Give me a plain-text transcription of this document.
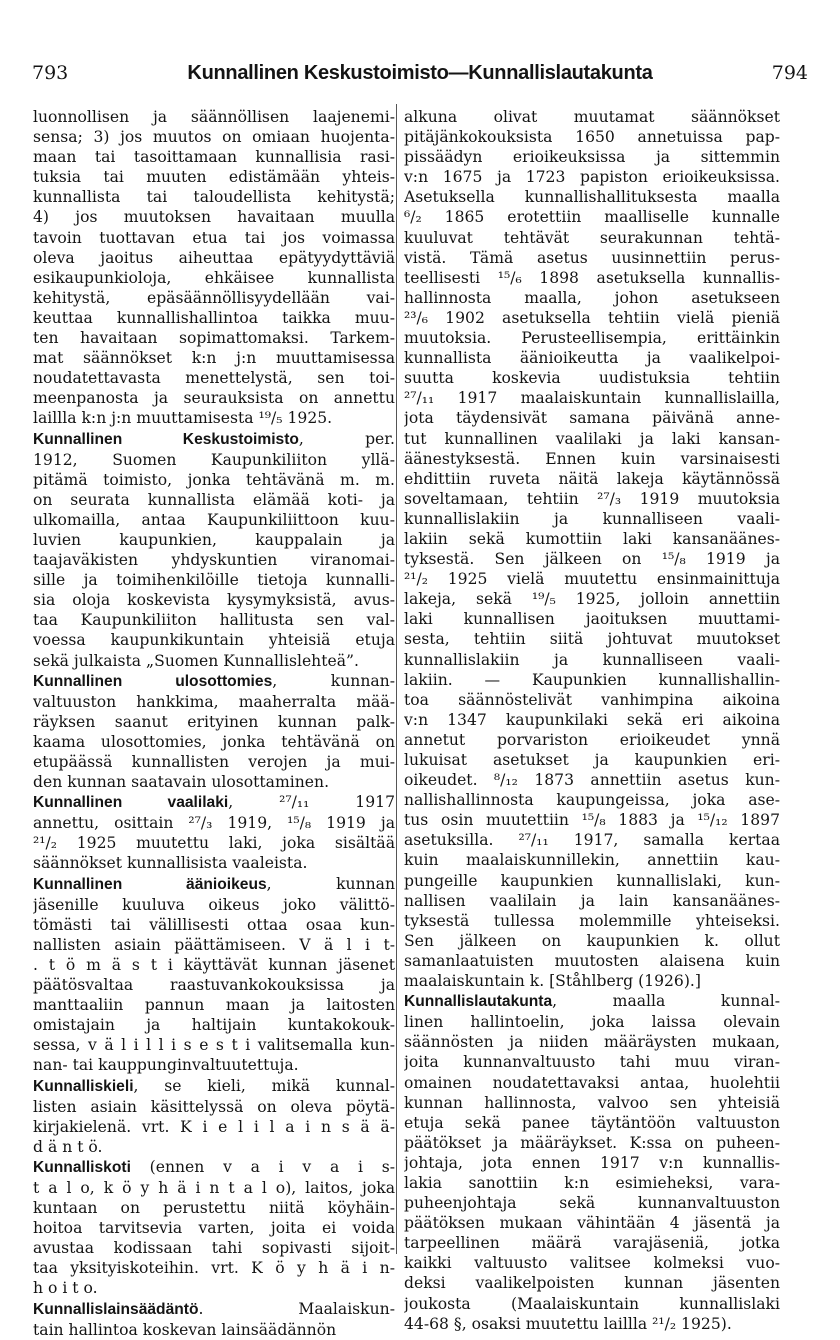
793	Kunnallinen Keskustoimisto—Kunnallislautakunta	794
luonnollisen ja säännöllisen laajenemi-
sensa; 3) jos muutos on omiaan huojenta-
maan tai tasoittamaan kunnallisia rasi-
tuksia tai muuten edistämään yhteis-
kunnallista tai taloudellista kehitystä;
4) jos muutoksen havaitaan muulla
tavoin tuottavan etua tai jos voimassa
oleva jaoitus aiheuttaa epätyydyttäviä
esikaupunkioloja, ehkäisee kunnallista
kehitystä, epäsäännöllisyydellään vai-
keuttaa kunnallishallintoa taikka muu-
ten havaitaan sopimattomaksi. Tarkem-
mat säännökset k:n j:n muuttamisessa
noudatettavasta menettelystä, sen toi-
meenpanosta ja seurauksista on annettu
laillla k:n j:n muuttamisesta ¹⁹/₅ 1925.
Kunnallinen Keskustoimisto, per.
1912, Suomen Kaupunkiliiton yllä-
pitämä toimisto, jonka tehtävänä m. m.
on seurata kunnallista elämää koti- ja
ulkomailla, antaa Kaupunkiliittoon kuu-
luvien kaupunkien, kauppalain ja
taajaväkisten yhdyskuntien viranomai-
sille ja toimihenkilöille tietoja kunnalli-
sia oloja koskevista kysymyksistä, avus-
taa Kaupunkiliiton hallitusta sen val-
voessa kaupunkikuntain yhteisiä etuja
sekä julkaista „Suomen Kunnallislehteä”.
Kunnallinen ulosottomies, kunnan-
valtuuston hankkima, maaherralta mää-
räyksen saanut erityinen kunnan palk-
kaama ulosottomies, jonka tehtävänä on
etupäässä kunnallisten verojen ja mui-
den kunnan saatavain ulosottaminen.
Kunnallinen vaalilaki, ²⁷/₁₁ 1917
annettu, osittain ²⁷/₃ 1919, ¹⁵/₈ 1919 ja
²¹/₂ 1925 muutettu laki, joka sisältää
säännökset kunnallisista vaaleista.
Kunnallinen äänioikeus, kunnan
jäsenille kuuluva oikeus joko välittö-
tömästi tai välillisesti ottaa osaa kun-
nallisten asiain päättämiseen. V ä l i t-
. t ö m ä s t i käyttävät kunnan jäsenet
päätösvaltaa raastuvankokouksissa ja
manttaaliin pannun maan ja laitosten
omistajain ja haltijain kuntakokouk-
sessa, v ä l i l l i s e s t i valitsemalla kun-
nan- tai kauppunginvaltuutettuja.
Kunnalliskieli, se kieli, mikä kunnal-
listen asiain käsittelyssä on oleva pöytä-
kirjakielenä. vrt. K i e l i l a i n s ä ä-
d ä n t ö.
Kunnalliskoti (ennen v a i v a i s-
t a l o, k ö y h ä i n t a l o), laitos, joka
kuntaan on perustettu niitä köyhäin-
hoitoa tarvitsevia varten, joita ei voida
avustaa kodissaan tahi sopivasti sijoit-
taa yksityiskoteihin. vrt. K ö y h ä i n-
h o i t o.
Kunnallislainsäädäntö. Maalaiskun-
tain hallintoa koskevan lainsäädännön
alkuna olivat muutamat säännökset
pitäjänkokouksista 1650 annetuissa pap-
pissäädyn erioikeuksissa ja sittemmin
v:n 1675 ja 1723 papiston erioikeuksissa.
Asetuksella kunnallishallituksesta maalla
⁶/₂ 1865 erotettiin maalliselle kunnalle
kuuluvat tehtävät seurakunnan tehtä-
vistä. Tämä asetus uusinnettiin perus-
teellisesti ¹⁵/₆ 1898 asetuksella kunnallis-
hallinnosta maalla, johon asetukseen
²³/₆ 1902 asetuksella tehtiin vielä pieniä
muutoksia. Perusteellisempia, erittäinkin
kunnallista äänioikeutta ja vaalikelpoi-
suutta koskevia uudistuksia tehtiin
²⁷/₁₁ 1917 maalaiskuntain kunnallislailla,
jota täydensivät samana päivänä anne-
tut kunnallinen vaalilaki ja laki kansan-
äänestyksestä. Ennen kuin varsinaisesti
ehdittiin ruveta näitä lakeja käytännössä
soveltamaan, tehtiin ²⁷/₃ 1919 muutoksia
kunnallislakiin ja kunnalliseen vaali-
lakiin sekä kumottiin laki kansanäänes-
tyksestä. Sen jälkeen on ¹⁵/₈ 1919 ja
²¹/₂ 1925 vielä muutettu ensinmainittuja
lakeja, sekä ¹⁹/₅ 1925, jolloin annettiin
laki kunnallisen jaoituksen muuttami-
sesta, tehtiin siitä johtuvat muutokset
kunnallislakiin ja kunnalliseen vaali-
lakiin. — Kaupunkien kunnallishallin-
toa säännöstelivät vanhimpina aikoina
v:n 1347 kaupunkilaki sekä eri aikoina
annetut porvariston erioikeudet ynnä
lukuisat asetukset ja kaupunkien eri-
oikeudet. ⁸/₁₂ 1873 annettiin asetus kun-
nallishallinnosta kaupungeissa, joka ase-
tus osin muutettiin ¹⁵/₈ 1883 ja ¹⁵/₁₂ 1897
asetuksilla. ²⁷/₁₁ 1917, samalla kertaa
kuin maalaiskunnillekin, annettiin kau-
pungeille kaupunkien kunnallislaki, kun-
nallisen vaalilain ja lain kansanäänes-
tyksestä tullessa molemmille yhteiseksi.
Sen jälkeen on kaupunkien k. ollut
samanlaatuisten muutosten alaisena kuin
maalaiskuntain k. [Ståhlberg (1926).]
Kunnallislautakunta, maalla kunnal-
linen hallintoelin, joka laissa olevain
säännösten ja niiden määräysten mukaan,
joita kunnanvaltuusto tahi muu viran-
omainen noudatettavaksi antaa, huolehtii
kunnan hallinnosta, valvoo sen yhteisiä
etuja sekä panee täytäntöön valtuuston
päätökset ja määräykset. K:ssa on puheen-
johtaja, jota ennen 1917 v:n kunnallis-
lakia sanottiin k:n esimieheksi, vara-
puheenjohtaja sekä kunnanvaltuuston
päätöksen mukaan vähintään 4 jäsentä ja
tarpeellinen määrä varajäseniä, jotka
kaikki valtuusto valitsee kolmeksi vuo-
deksi vaalikelpoisten kunnan jäsenten
joukosta (Maalaiskuntain kunnallislaki
44-68 §, osaksi muutettu laillla ²¹/₂ 1925).
